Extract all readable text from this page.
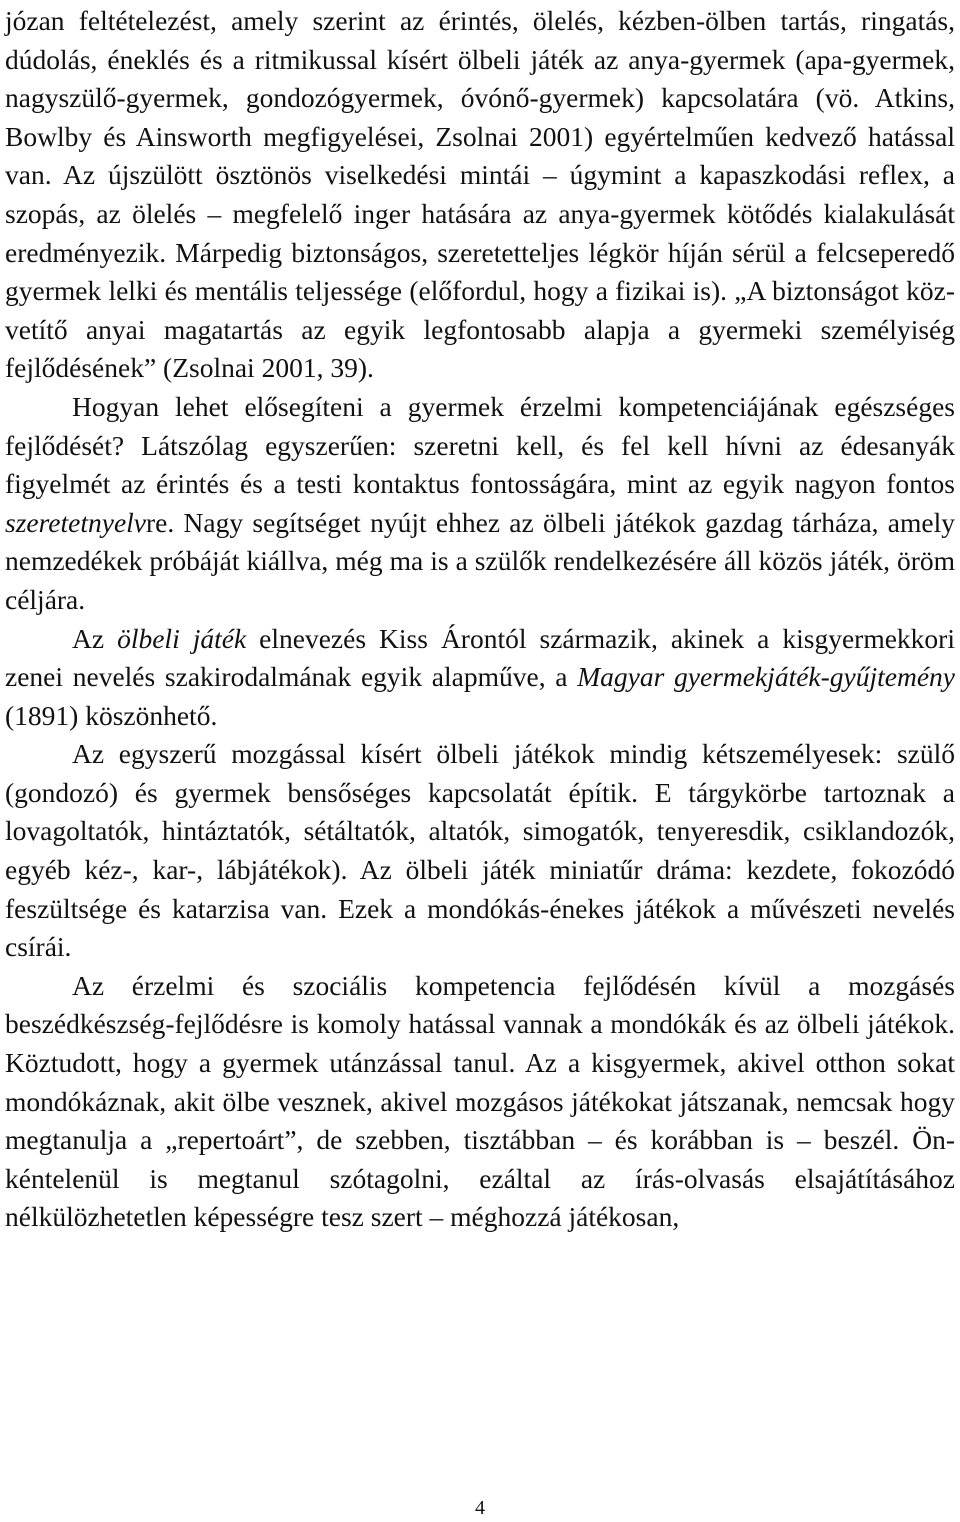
józan feltételezést, amely szerint az érintés, ölelés, kézben-ölben tartás, ringatás, dúdolás, éneklés és a ritmikussal kísért ölbeli játék az anya-gyermek (apa-gyermek, nagyszülő-gyermek, gondozógyermek, óvónő-gyermek) kapcsolatára (vö. Atkins, Bowlby és Ainsworth megfigyelései, Zsolnai 2001) egyértelműen kedvező hatással van. Az újszülött ösztönös viselkedési mintái – úgymint a kapaszkodási reflex, a szopás, az ölelés – megfelelő inger hatására az anya-gyermek kötődés kialakulását eredményezik. Márpedig biztonságos, szeretetteljes légkör híján sérül a felcseperedő gyermek lelki és mentális teljessége (előfordul, hogy a fizikai is). „A biztonságot közvetítő anyai magatartás az egyik legfontosabb alapja a gyermeki személyiség fejlődésének” (Zsolnai 2001, 39).

Hogyan lehet elősegíteni a gyermek érzelmi kompetenciájának egészséges fejlődését? Látszólag egyszerűen: szeretni kell, és fel kell hívni az édesanyák figyelmét az érintés és a testi kontaktus fontosságára, mint az egyik nagyon fontos szeretetnyelvre. Nagy segítséget nyújt ehhez az ölbeli játékok gazdag tárháza, amely nemzedékek próbáját kiállva, még ma is a szülők rendelkezésére áll közös játék, öröm céljára.

Az ölbeli játék elnevezés Kiss Árontól származik, akinek a kisgyermekkori zenei nevelés szakirodalmának egyik alapműve, a Magyar gyermekjáték-gyűjtemény (1891) köszönhető.

Az egyszerű mozgással kísért ölbeli játékok mindig kétszemélyesek: szülő (gondozó) és gyermek bensőséges kapcsolatát építik. E tárgykörbe tartoznak a lovagoltatók, hintáztatók, sétáltatók, altatók, simogatók, tenyeresdik, csiklandozók, egyéb kéz-, kar-, lábjátékok). Az ölbeli játék miniatűr dráma: kezdete, fokozódó feszültsége és katarzisa van. Ezek a mondókás-énekes játékok a művészeti nevelés csírái.

Az érzelmi és szociális kompetencia fejlődésén kívül a mozgásés beszédkészség-fejlődésre is komoly hatással vannak a mondókák és az ölbeli játékok. Köztudott, hogy a gyermek utánzással tanul. Az a kisgyermek, akivel otthon sokat mondókáznak, akit ölbe vesznek, akivel mozgásos játékokat játszanak, nemcsak hogy megtanulja a „repertoárt”, de szebben, tisztábban – és korábban is – beszél. Önkéntelenül is megtanul szótagolni, ezáltal az írás-olvasás elsajátításához nélkülözhetetlen képességre tesz szert – méghozzá játékosan,

4
